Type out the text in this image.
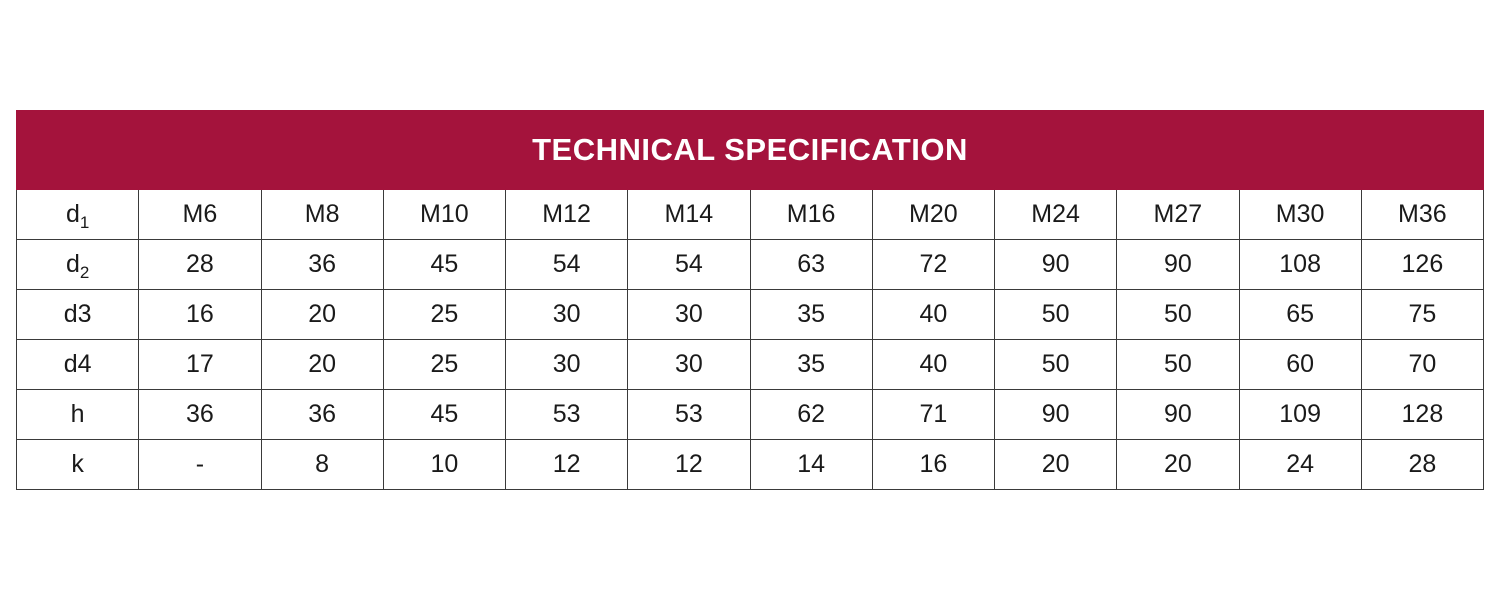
TECHNICAL SPECIFICATION											
$d_1$	M6	M8	M10	M12	M14	M16	M20	M24	M27	M30	M36
$d_2$	28	36	45	54	54	63	72	90	90	108	126
d3	16	20	25	30	30	35	40	50	50	65	75
d4	17	20	25	30	30	35	40	50	50	60	70
h	36	36	45	53	53	62	71	90	90	109	128
k	-	8	10	12	12	14	16	20	20	24	28
